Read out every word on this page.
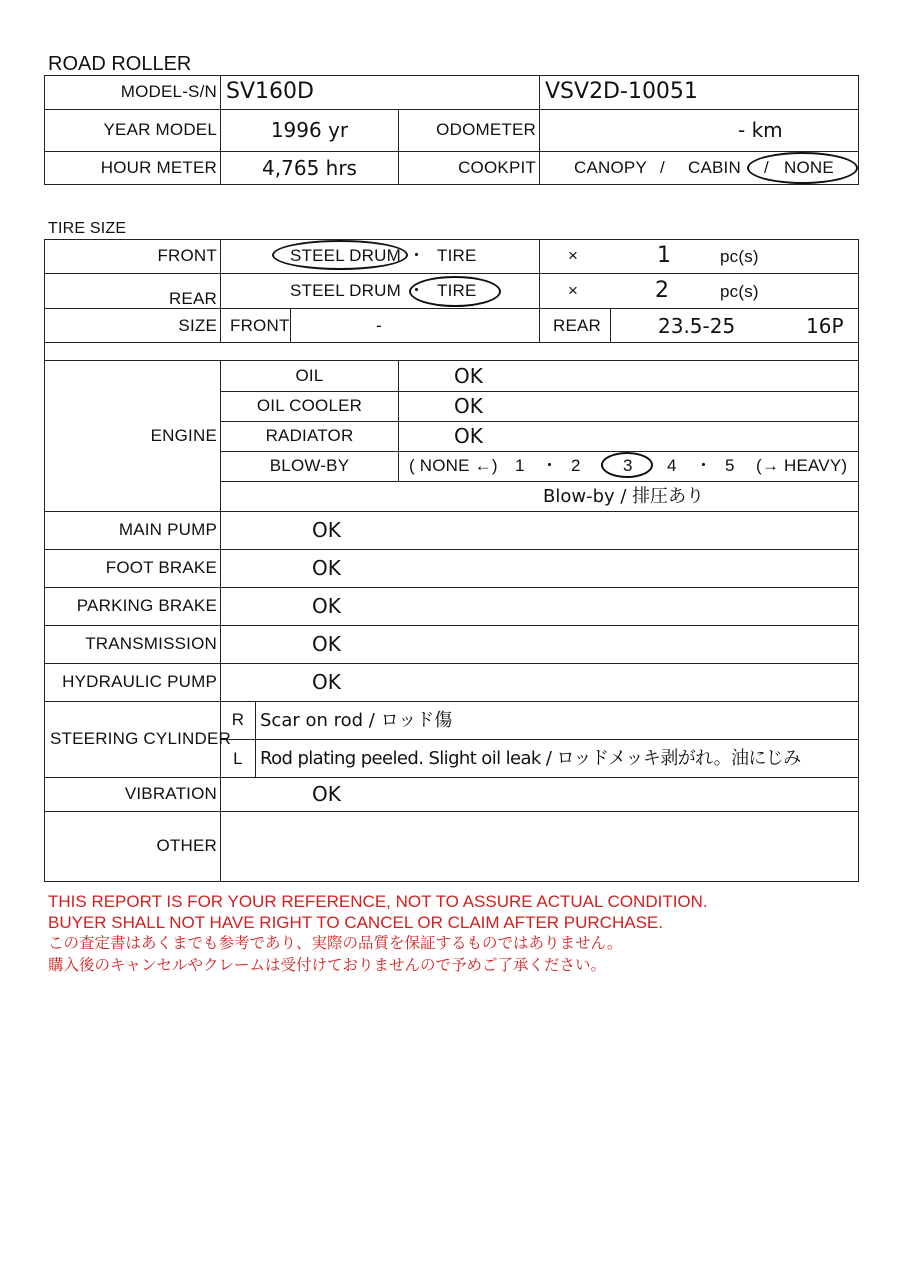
ROAD ROLLER
MODEL-S/N SV160D	VSV2D-10051
YEAR MODEL	1996 yr	ODOMETER	- km
HOUR METER	4,765 hrs	COOKPIT CANOPY / CABIN / NONE
TIRE SIZE
FRONT	STEEL DRUM ・ TIRE	×	1	pc(s)
REAR	STEEL DRUM ・ TIRE	×	2	pc(s)
SIZE FRONT	-	REAR	23.5-25	16P
ENGINE
OIL	OK
OIL COOLER	OK
RADIATOR	OK
BLOW-BY	( NONE ←) 1 ・ 2 3 4 ・ 5 (→ HEAVY)
Blow-by / 排圧あり
MAIN PUMP	OK
FOOT BRAKE	OK
PARKING BRAKE	OK
TRANSMISSION	OK
HYDRAULIC PUMP	OK
STEERING CYLINDER
R Scar on rod / ロッド傷
L Rod plating peeled. Slight oil leak / ロッドメッキ剥がれ。油にじみ
VIBRATION	OK
OTHER
THIS REPORT IS FOR YOUR REFERENCE, NOT TO ASSURE ACTUAL CONDITION.
BUYER SHALL NOT HAVE RIGHT TO CANCEL OR CLAIM AFTER PURCHASE.
この査定書はあくまでも参考であり、実際の品質を保証するものではありません。
購入後のキャンセルやクレームは受付けておりませんので予めご了承ください。
